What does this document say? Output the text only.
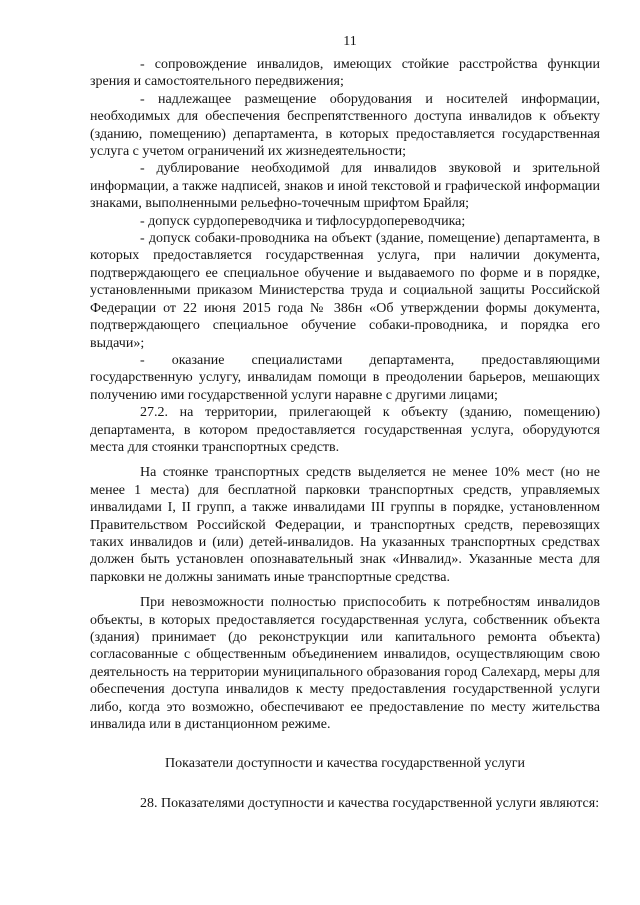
11

- сопровождение инвалидов, имеющих стойкие расстройства функции зрения и самостоятельного передвижения;

- надлежащее размещение оборудования и носителей информации, необходимых для обеспечения беспрепятственного доступа инвалидов к объекту (зданию, помещению) департамента, в которых предоставляется государственная услуга с учетом ограничений их жизнедеятельности;

- дублирование необходимой для инвалидов звуковой и зрительной информации, а также надписей, знаков и иной текстовой и графической информации знаками, выполненными рельефно-точечным шрифтом Брайля;

- допуск сурдопереводчика и тифлосурдопереводчика;

- допуск собаки-проводника на объект (здание, помещение) департамента, в которых предоставляется государственная услуга, при наличии документа, подтверждающего ее специальное обучение и выдаваемого по форме и в порядке, установленными приказом Министерства труда и социальной защиты Российской Федерации от 22 июня 2015 года № 386н «Об утверждении формы документа, подтверждающего специальное обучение собаки-проводника, и порядка его выдачи»;

- оказание специалистами департамента, предоставляющими государственную услугу, инвалидам помощи в преодолении барьеров, мешающих получению ими государственной услуги наравне с другими лицами;

27.2. на территории, прилегающей к объекту (зданию, помещению) департамента, в котором предоставляется государственная услуга, оборудуются места для стоянки транспортных средств.

На стоянке транспортных средств выделяется не менее 10% мест (но не менее 1 места) для бесплатной парковки транспортных средств, управляемых инвалидами I, II групп, а также инвалидами III группы в порядке, установленном Правительством Российской Федерации, и транспортных средств, перевозящих таких инвалидов и (или) детей-инвалидов. На указанных транспортных средствах должен быть установлен опознавательный знак «Инвалид». Указанные места для парковки не должны занимать иные транспортные средства.

При невозможности полностью приспособить к потребностям инвалидов объекты, в которых предоставляется государственная услуга, собственник объекта (здания) принимает (до реконструкции или капитального ремонта объекта) согласованные с общественным объединением инвалидов, осуществляющим свою деятельность на территории муниципального образования город Салехард, меры для обеспечения доступа инвалидов к месту предоставления государственной услуги либо, когда это возможно, обеспечивают ее предоставление по месту жительства инвалида или в дистанционном режиме.

Показатели доступности и качества государственной услуги

28. Показателями доступности и качества государственной услуги являются:
